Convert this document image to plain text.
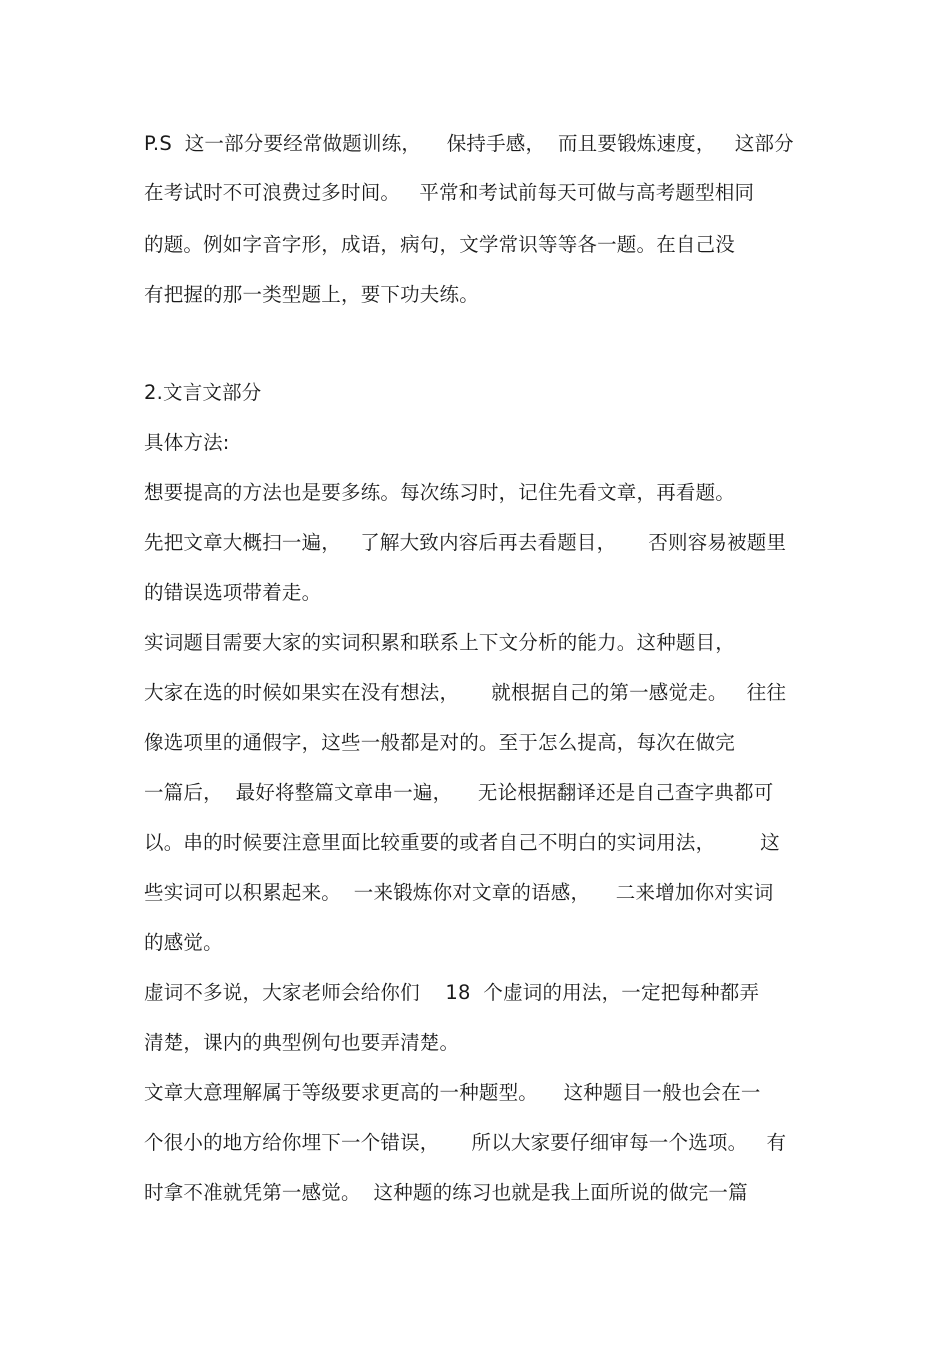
P.S  这一部分要经常做题训练，    保持手感，  而且要锻炼速度，   这部分
在考试时不可浪费过多时间。   平常和考试前每天可做与高考题型相同
的题。例如字音字形，成语，病句，文学常识等等各一题。在自己没
有把握的那一类型题上，要下功夫练。
2.文言文部分
具体方法:
想要提高的方法也是要多练。每次练习时，记住先看文章，再看题。
先把文章大概扫一遍，   了解大致内容后再去看题目，     否则容易被题里
的错误选项带着走。
实词题目需要大家的实词积累和联系上下文分析的能力。这种题目，
大家在选的时候如果实在没有想法，     就根据自己的第一感觉走。   往往
像选项里的通假字，这些一般都是对的。至于怎么提高，每次在做完
一篇后，  最好将整篇文章串一遍，    无论根据翻译还是自己查字典都可
以。串的时候要注意里面比较重要的或者自己不明白的实词用法，       这
些实词可以积累起来。  一来锻炼你对文章的语感，    二来增加你对实词
的感觉。
虚词不多说，大家老师会给你们    18  个虚词的用法，一定把每种都弄
清楚，课内的典型例句也要弄清楚。
文章大意理解属于等级要求更高的一种题型。    这种题目一般也会在一
个很小的地方给你埋下一个错误，     所以大家要仔细审每一个选项。   有
时拿不准就凭第一感觉。  这种题的练习也就是我上面所说的做完一篇
